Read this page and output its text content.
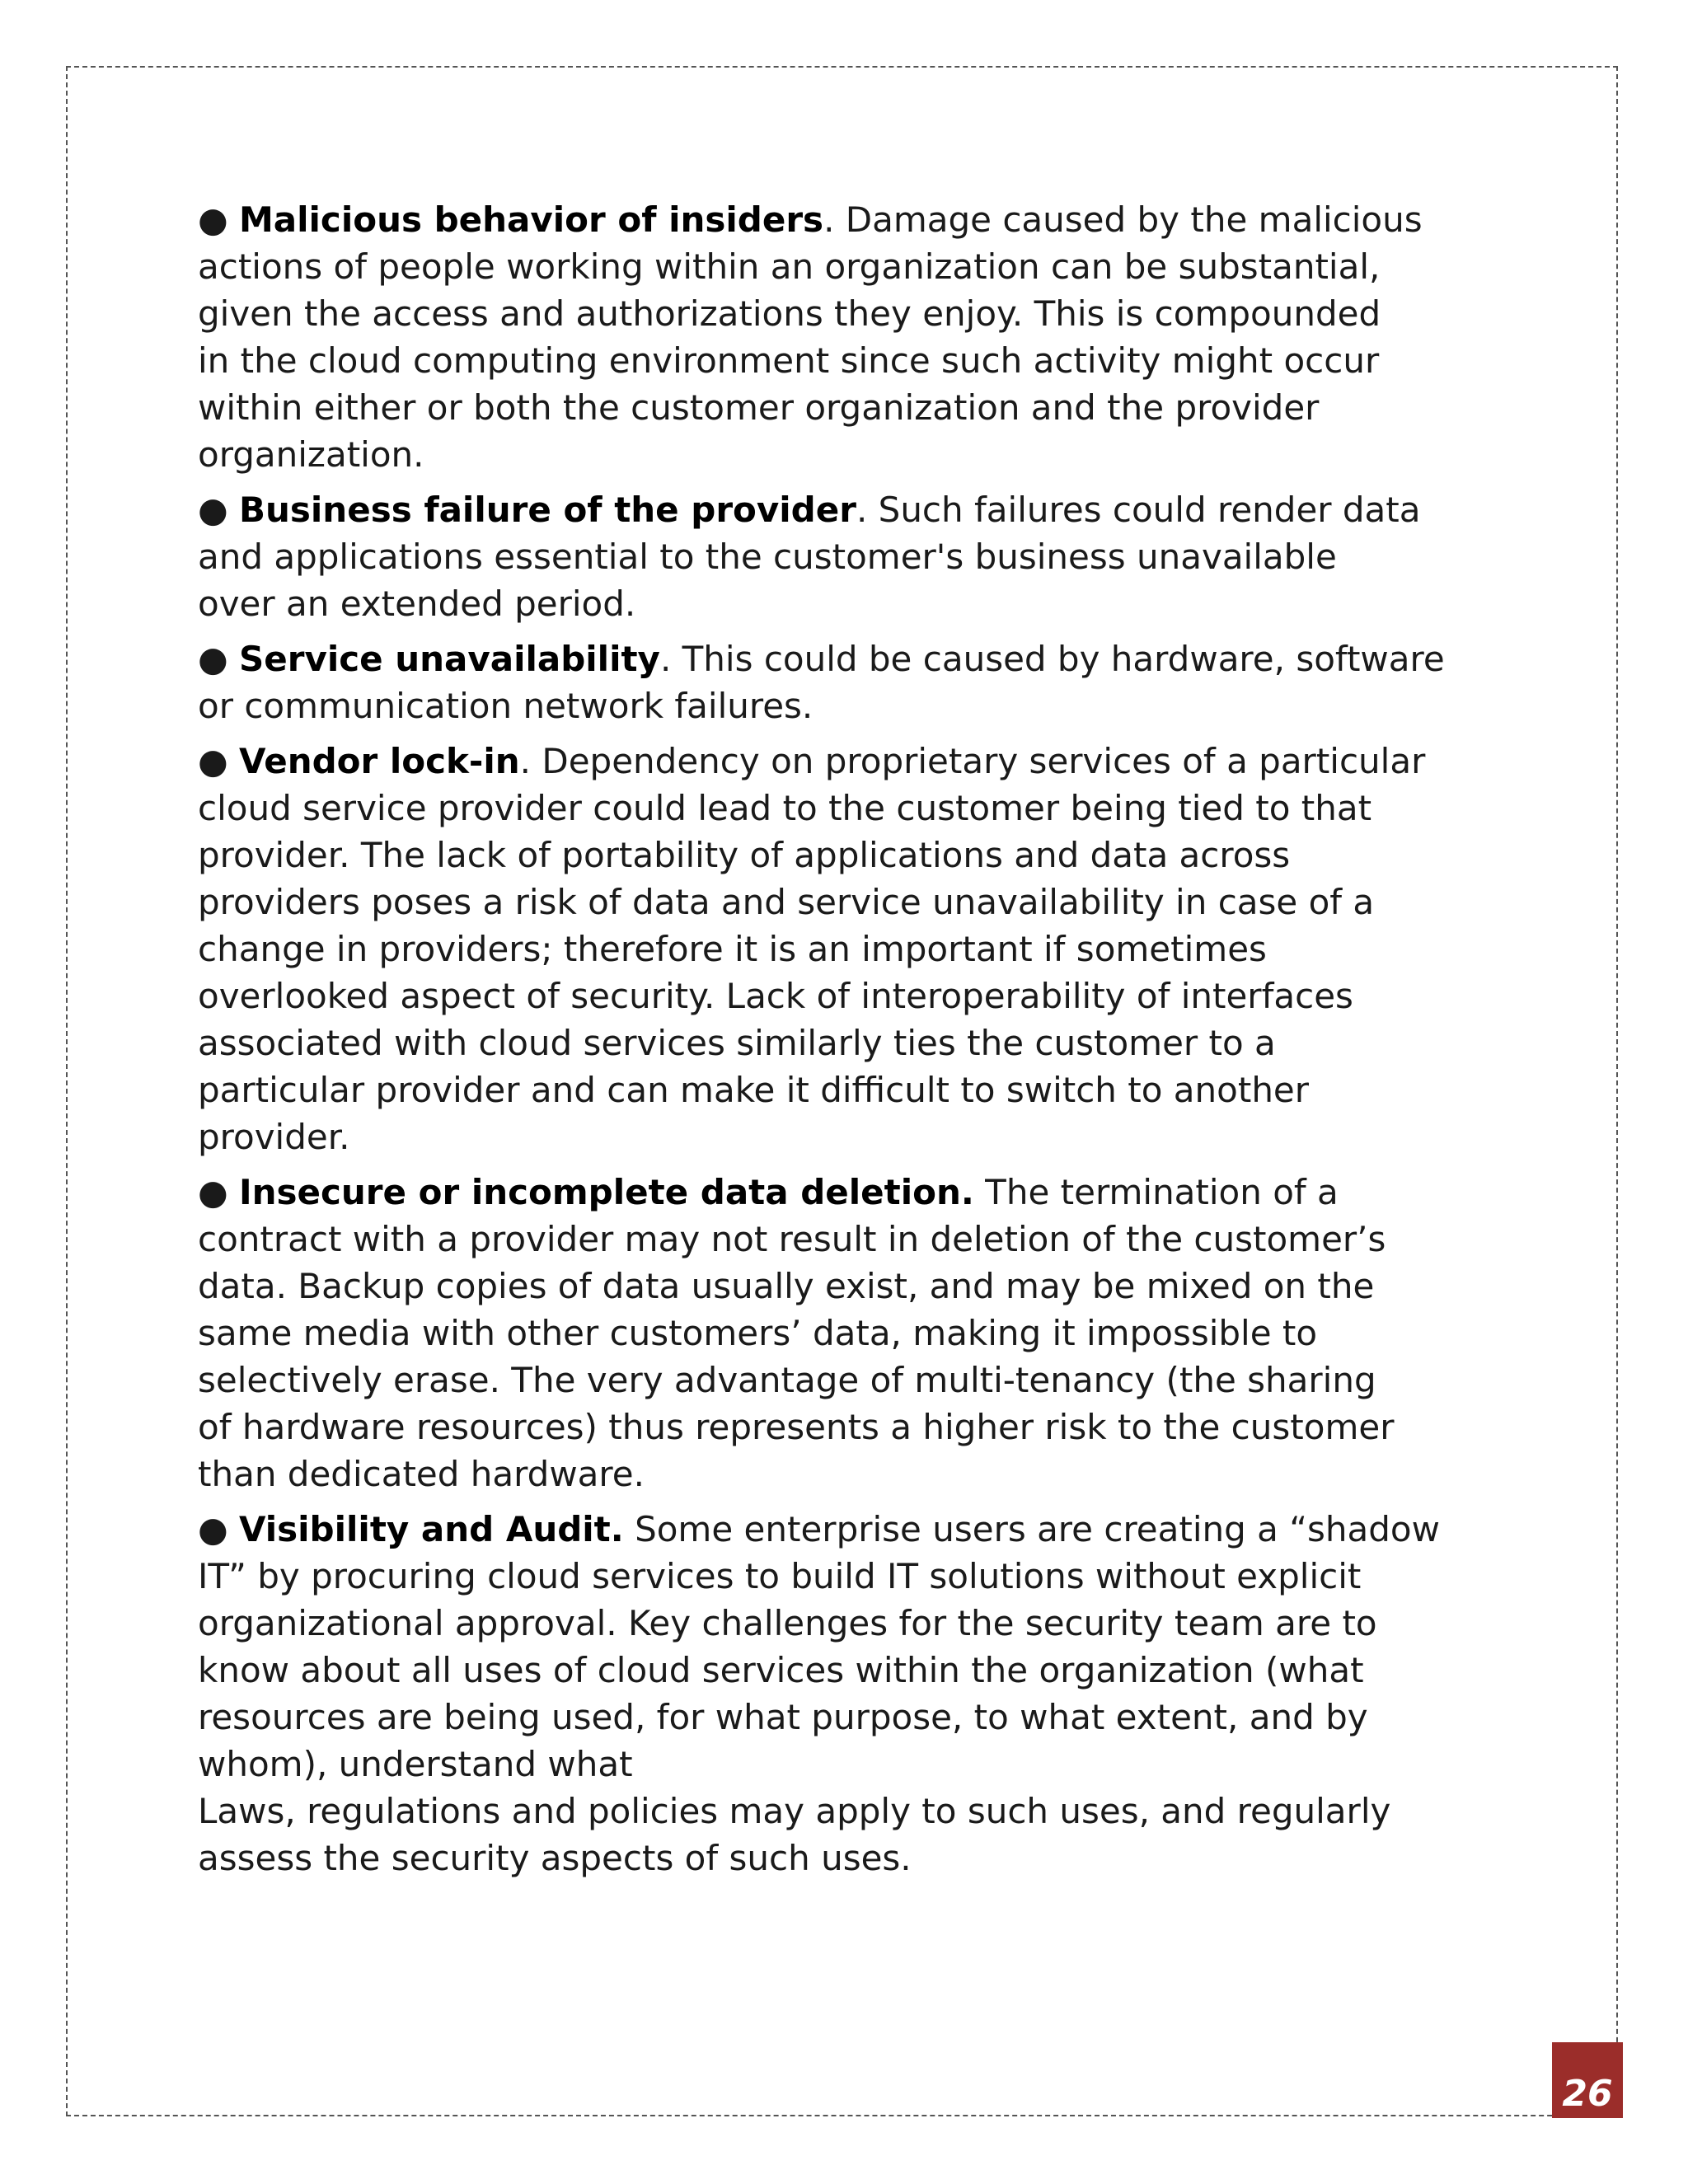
● Malicious behavior of insiders. Damage caused by the malicious
actions of people working within an organization can be substantial,
given the access and authorizations they enjoy. This is compounded
in the cloud computing environment since such activity might occur
within either or both the customer organization and the provider
organization.

● Business failure of the provider. Such failures could render data
and applications essential to the customer's business unavailable
over an extended period.

● Service unavailability. This could be caused by hardware, software
or communication network failures.

● Vendor lock-in. Dependency on proprietary services of a particular
cloud service provider could lead to the customer being tied to that
provider. The lack of portability of applications and data across
providers poses a risk of data and service unavailability in case of a
change in providers; therefore it is an important if sometimes
overlooked aspect of security. Lack of interoperability of interfaces
associated with cloud services similarly ties the customer to a
particular provider and can make it difficult to switch to another
provider.

● Insecure or incomplete data deletion. The termination of a
contract with a provider may not result in deletion of the customer’s
data. Backup copies of data usually exist, and may be mixed on the
same media with other customers’ data, making it impossible to
selectively erase. The very advantage of multi-tenancy (the sharing
of hardware resources) thus represents a higher risk to the customer
than dedicated hardware.

● Visibility and Audit. Some enterprise users are creating a “shadow
IT” by procuring cloud services to build IT solutions without explicit
organizational approval. Key challenges for the security team are to
know about all uses of cloud services within the organization (what
resources are being used, for what purpose, to what extent, and by
whom), understand what
Laws, regulations and policies may apply to such uses, and regularly
assess the security aspects of such uses.

26
